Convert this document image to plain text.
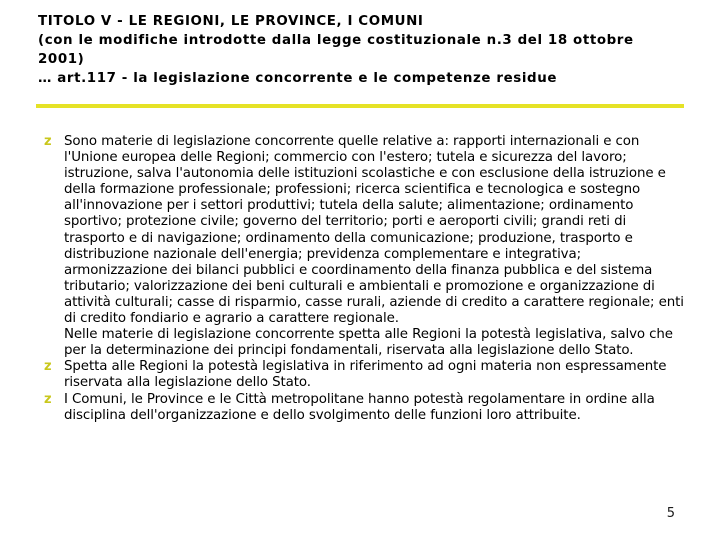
TITOLO V - LE REGIONI, LE PROVINCE, I COMUNI
(con le modifiche introdotte dalla legge costituzionale n.3 del 18 ottobre
2001)
… art.117 - la legislazione concorrente e le competenze residue
z Sono materie di legislazione concorrente quelle relative a: rapporti internazionali e con l'Unione europea delle Regioni; commercio con l'estero; tutela e sicurezza del lavoro; istruzione, salva l'autonomia delle istituzioni scolastiche e con esclusione della istruzione e della formazione professionale; professioni; ricerca scientifica e tecnologica e sostegno all'innovazione per i settori produttivi; tutela della salute; alimentazione; ordinamento sportivo; protezione civile; governo del territorio; porti e aeroporti civili; grandi reti di trasporto e di navigazione; ordinamento della comunicazione; produzione, trasporto e distribuzione nazionale dell'energia; previdenza complementare e integrativa; armonizzazione dei bilanci pubblici e coordinamento della finanza pubblica e del sistema tributario; valorizzazione dei beni culturali e ambientali e promozione e organizzazione di attività culturali; casse di risparmio, casse rurali, aziende di credito a carattere regionale; enti di credito fondiario e agrario a carattere regionale.
Nelle materie di legislazione concorrente spetta alle Regioni la potestà legislativa, salvo che per la determinazione dei principi fondamentali, riservata alla legislazione dello Stato.
z Spetta alle Regioni la potestà legislativa in riferimento ad ogni materia non espressamente riservata alla legislazione dello Stato.
z I Comuni, le Province e le Città metropolitane hanno potestà regolamentare in ordine alla disciplina dell'organizzazione e dello svolgimento delle funzioni loro attribuite.
5
